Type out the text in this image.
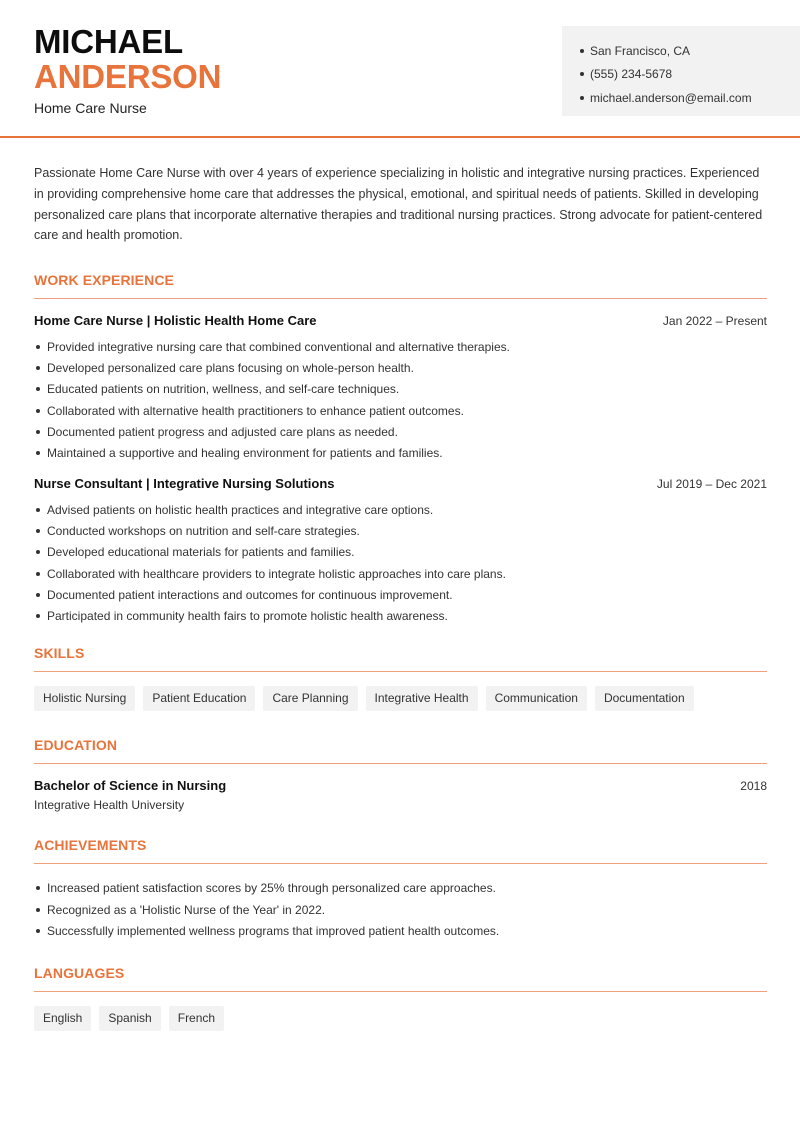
MICHAEL
ANDERSON
Home Care Nurse
San Francisco, CA
(555) 234-5678
michael.anderson@email.com

Passionate Home Care Nurse with over 4 years of experience specializing in holistic and integrative nursing practices. Experienced in providing comprehensive home care that addresses the physical, emotional, and spiritual needs of patients. Skilled in developing personalized care plans that incorporate alternative therapies and traditional nursing practices. Strong advocate for patient-centered care and health promotion.

WORK EXPERIENCE
Home Care Nurse | Holistic Health Home Care	Jan 2022 – Present
Provided integrative nursing care that combined conventional and alternative therapies.
Developed personalized care plans focusing on whole-person health.
Educated patients on nutrition, wellness, and self-care techniques.
Collaborated with alternative health practitioners to enhance patient outcomes.
Documented patient progress and adjusted care plans as needed.
Maintained a supportive and healing environment for patients and families.
Nurse Consultant | Integrative Nursing Solutions	Jul 2019 – Dec 2021
Advised patients on holistic health practices and integrative care options.
Conducted workshops on nutrition and self-care strategies.
Developed educational materials for patients and families.
Collaborated with healthcare providers to integrate holistic approaches into care plans.
Documented patient interactions and outcomes for continuous improvement.
Participated in community health fairs to promote holistic health awareness.
SKILLS
Holistic Nursing	Patient Education	Care Planning	Integrative Health	Communication	Documentation
EDUCATION
Bachelor of Science in Nursing	2018
Integrative Health University
ACHIEVEMENTS
Increased patient satisfaction scores by 25% through personalized care approaches.
Recognized as a 'Holistic Nurse of the Year' in 2022.
Successfully implemented wellness programs that improved patient health outcomes.
LANGUAGES
English	Spanish	French
